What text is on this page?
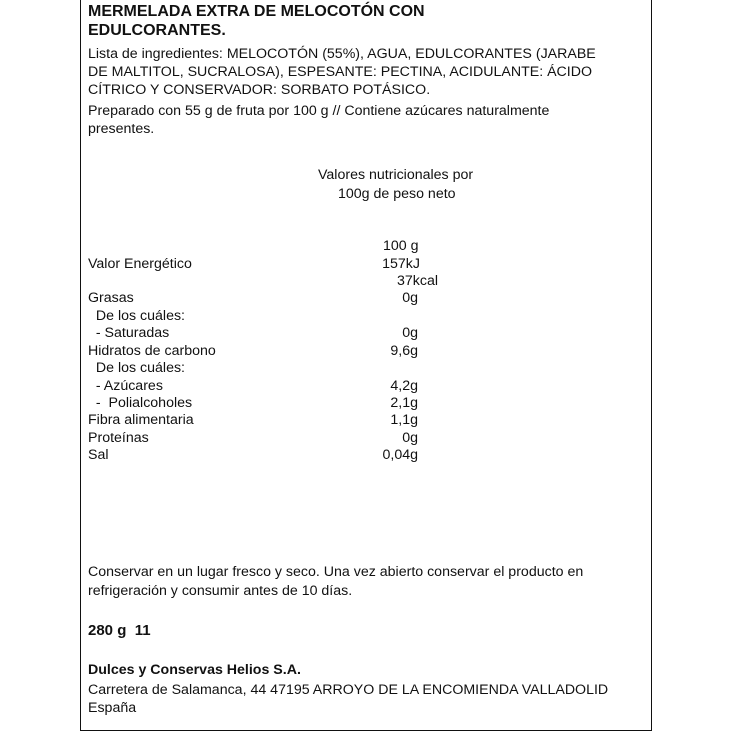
MERMELADA EXTRA DE MELOCOTÓN CON
EDULCORANTES.
Lista de ingredientes: MELOCOTÓN (55%), AGUA, EDULCORANTES (JARABE
DE MALTITOL, SUCRALOSA), ESPESANTE: PECTINA, ACIDULANTE: ÁCIDO
CÍTRICO Y CONSERVADOR: SORBATO POTÁSICO.
Preparado con 55 g de fruta por 100 g // Contiene azúcares naturalmente
presentes.
Valores nutricionales por
100g de peso neto
100 g
Valor Energético	157kJ
37kcal
Grasas	0g
De los cuáles:
- Saturadas	0g
Hidratos de carbono	9,6g
De los cuáles:
- Azúcares	4,2g
-  Polialcoholes	2,1g
Fibra alimentaria	1,1g
Proteínas	0g
Sal	0,04g
Conservar en un lugar fresco y seco. Una vez abierto conservar el producto en
refrigeración y consumir antes de 10 días.
280 g  11
Dulces y Conservas Helios S.A.
Carretera de Salamanca, 44 47195 ARROYO DE LA ENCOMIENDA VALLADOLID
España
